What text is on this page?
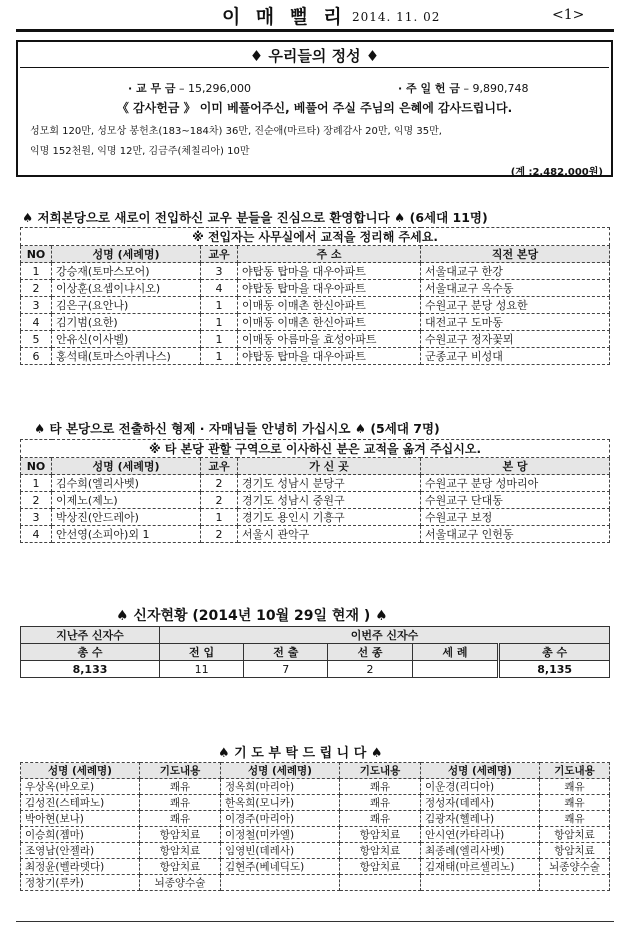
이 매 뻘 리 2014. 11. 02	<1>
♦ 우리들의 정성 ♦
· 교 무 금 – 15,296,000	· 주 일 헌 금 – 9,890,748
《 감사헌금 》 이미 베풀어주신, 베풀어 주실 주님의 은혜에 감사드립니다.
성모회 120만, 성모상 봉헌초(183~184차) 36만, 진순애(마르타) 장례감사 20만, 익명 35만,
익명 152천원, 익명 12만, 김금주(체칠리아) 10만
(계 :2,482,000원)
♠ 저희본당으로 새로이 전입하신 교우 분들을 진심으로 환영합니다 ♠ (6세대 11명)
※ 전입자는 사무실에서 교적을 정리해 주세요.				
NO	성명 (세례명)	교우	주 소	직전 본당
1	강승재(토마스모어)	3	야탑동 탑마을 대우아파트	서울대교구 한강
2	이상훈(요셉이냐시오)	4	야탑동 탑마을 대우아파트	서울대교구 옥수동
3	김은구(요안나)	1	이매동 이매촌 한신아파트	수원교구 분당 성요한
4	김기범(요한)	1	이매동 이매촌 한신아파트	대전교구 도마동
5	안유신(이사벨)	1	이매동 아름마을 효성아파트	수원교구 정자꽃뫼
6	홍석태(토마스아퀴나스)	1	야탑동 탑마을 대우아파트	군종교구 비성대
♠ 타 본당으로 전출하신 형제 · 자매님들 안녕히 가십시오 ♠ (5세대 7명)
※ 타 본당 관할 구역으로 이사하신 분은 교적을 옮겨 주십시오.				
NO	성명 (세례명)	교우	가 신 곳	본 당
1	김수희(엘리사벳)	2	경기도 성남시 분당구	수원교구 분당 성마리아
2	이제노(제노)	2	경기도 성남시 중원구	수원교구 단대동
3	박상진(안드레아)	1	경기도 용인시 기흥구	수원교구 보정
4	안선영(소피아)외 1	2	서울시 관악구	서울대교구 인헌동
♠ 신자현황 (2014년 10월 29일 현재 ) ♠
지난주 신자수	이번주 신자수				
총 수	전 입	전 출	선 종	세 례	총 수
8,133	11	7	2		8,135
♠ 기 도 부 탁 드 립 니 다 ♠
성명 (세례명)	기도내용	성명 (세례명)	기도내용	성명 (세례명)	기도내용
우상옥(바오로)	쾌유	정옥희(마리아)	쾌유	이운경(리디아)	쾌유
김성진(스테파노)	쾌유	한옥희(모니카)	쾌유	정성자(데레사)	쾌유
박아현(보나)	쾌유	이경주(마리아)	쾌유	김광자(헬레나)	쾌유
이승희(젬마)	항암치료	이정철(미카엘)	항암치료	안시연(카타리나)	항암치료
조영남(안젤라)	항암치료	임영빈(데레사)	항암치료	최종례(엘리사벳)	항암치료
최정윤(벨라뎃다)	항암치료	김현주(베네딕도)	항암치료	김재태(마르셀리노)	뇌종양수술
정창기(루카)	뇌종양수술				
